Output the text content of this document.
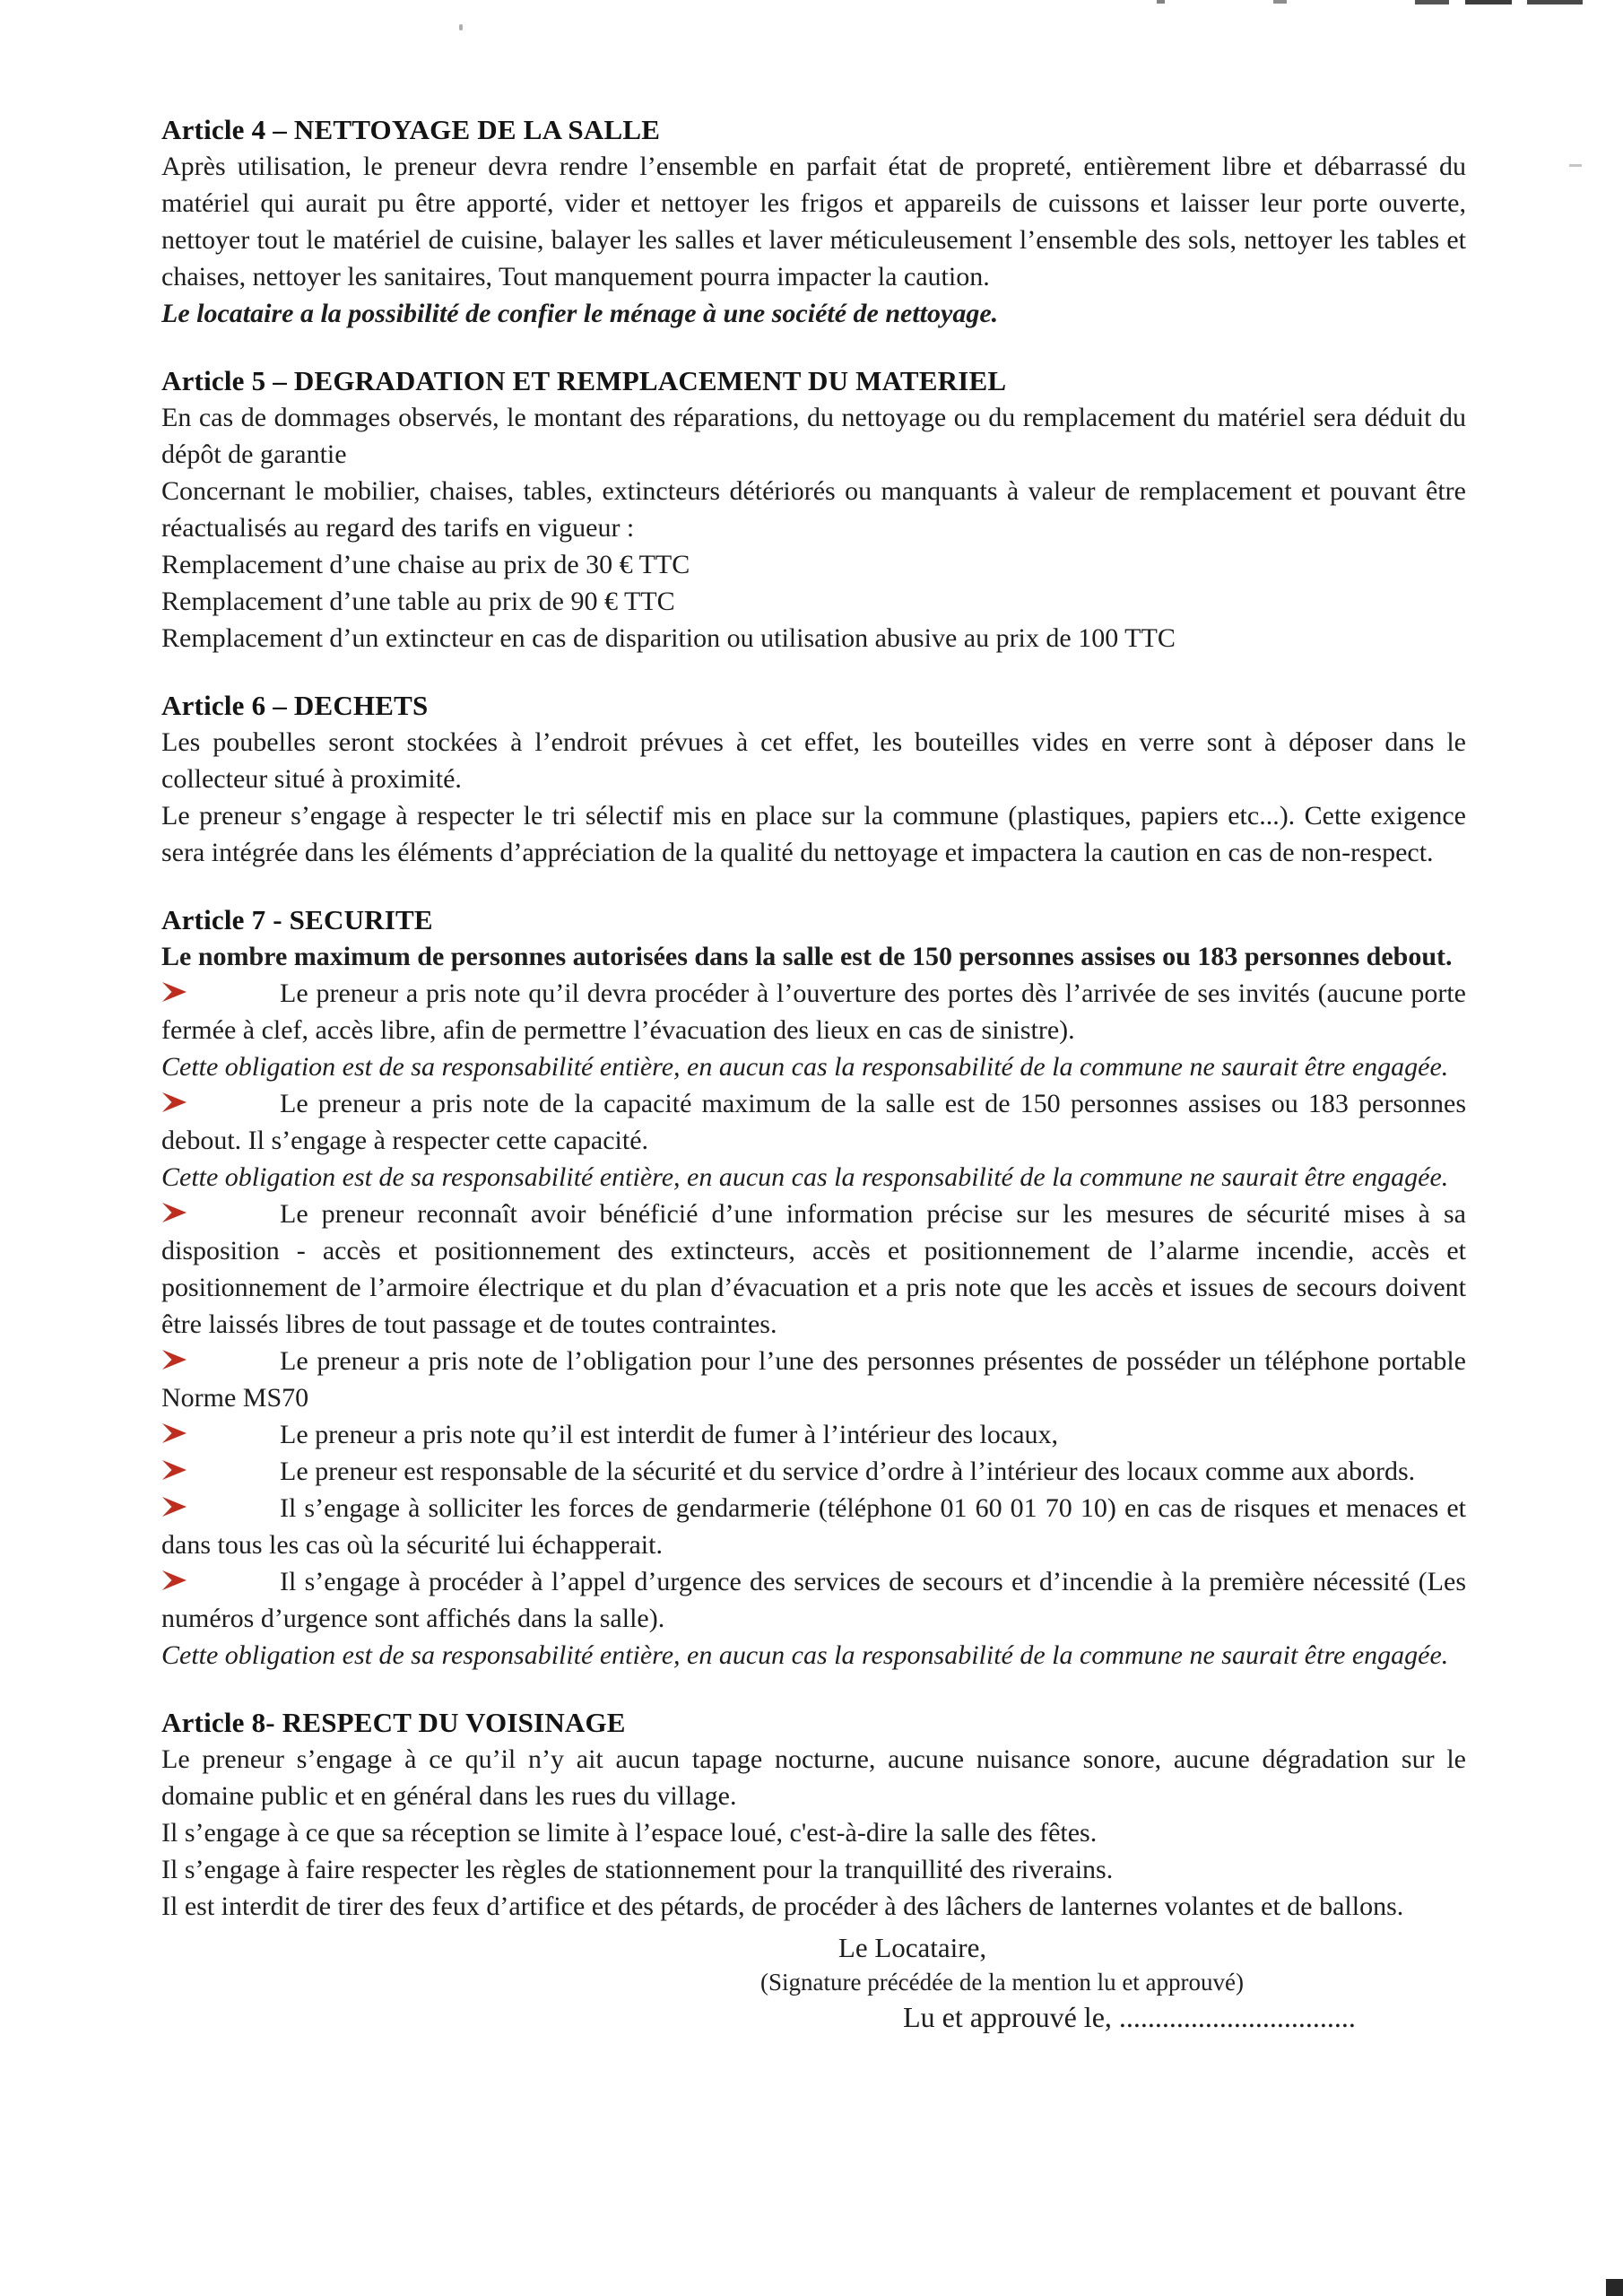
Article 4 – NETTOYAGE DE LA SALLE

Après utilisation, le preneur devra rendre l’ensemble en parfait état de propreté, entièrement libre et débarrassé du matériel qui aurait pu être apporté, vider et nettoyer les frigos et appareils de cuissons et laisser leur porte ouverte, nettoyer tout le matériel de cuisine, balayer les salles et laver méticuleusement l’ensemble des sols, nettoyer les tables et chaises, nettoyer les sanitaires, Tout manquement pourra impacter la caution.

Le locataire a la possibilité de confier le ménage à une société de nettoyage.

Article 5 – DEGRADATION ET REMPLACEMENT DU MATERIEL

En cas de dommages observés, le montant des réparations, du nettoyage ou du remplacement du matériel sera déduit du dépôt de garantie

Concernant le mobilier, chaises, tables, extincteurs détériorés ou manquants à valeur de remplacement et pouvant être réactualisés au regard des tarifs en vigueur :

Remplacement d’une chaise au prix de 30 € TTC

Remplacement d’une table au prix de 90 € TTC

Remplacement d’un extincteur en cas de disparition ou utilisation abusive au prix de 100 TTC

Article 6 – DECHETS

Les poubelles seront stockées à l’endroit prévues à cet effet, les bouteilles vides en verre sont à déposer dans le collecteur situé à proximité.

Le preneur s’engage à respecter le tri sélectif mis en place sur la commune (plastiques, papiers etc...). Cette exigence sera intégrée dans les éléments d’appréciation de la qualité du nettoyage et impactera la caution en cas de non-respect.

Article 7 - SECURITE

Le nombre maximum de personnes autorisées dans la salle est de 150 personnes assises ou 183 personnes debout.

Le preneur a pris note qu’il devra procéder à l’ouverture des portes dès l’arrivée de ses invités (aucune porte fermée à clef, accès libre, afin de permettre l’évacuation des lieux en cas de sinistre).

Cette obligation est de sa responsabilité entière, en aucun cas la responsabilité de la commune ne saurait être engagée.

Le preneur a pris note de la capacité maximum de la salle est de 150 personnes assises ou 183 personnes debout. Il s’engage à respecter cette capacité.

Cette obligation est de sa responsabilité entière, en aucun cas la responsabilité de la commune ne saurait être engagée.

Le preneur reconnaît avoir bénéficié d’une information précise sur les mesures de sécurité mises à sa disposition - accès et positionnement des extincteurs, accès et positionnement de l’alarme incendie, accès et positionnement de l’armoire électrique et du plan d’évacuation et a pris note que les accès et issues de secours doivent être laissés libres de tout passage et de toutes contraintes.

Le preneur a pris note de l’obligation pour l’une des personnes présentes de posséder un téléphone portable Norme MS70

Le preneur a pris note qu’il est interdit de fumer à l’intérieur des locaux,

Le preneur est responsable de la sécurité et du service d’ordre à l’intérieur des locaux comme aux abords.

Il s’engage à solliciter les forces de gendarmerie (téléphone 01 60 01 70 10) en cas de risques et menaces et dans tous les cas où la sécurité lui échapperait.

Il s’engage à procéder à l’appel d’urgence des services de secours et d’incendie à la première nécessité (Les numéros d’urgence sont affichés dans la salle).

Cette obligation est de sa responsabilité entière, en aucun cas la responsabilité de la commune ne saurait être engagée.

Article 8- RESPECT DU VOISINAGE

Le preneur s’engage à ce qu’il n’y ait aucun tapage nocturne, aucune nuisance sonore, aucune dégradation sur le domaine public et en général dans les rues du village.

Il s’engage à ce que sa réception se limite à l’espace loué, c'est-à-dire la salle des fêtes.

Il s’engage à faire respecter les règles de stationnement pour la tranquillité des riverains.

Il est interdit de tirer des feux d’artifice et des pétards, de procéder à des lâchers de lanternes volantes et de ballons.

Le Locataire,

(Signature précédée de la mention lu et approuvé)

Lu et approuvé le, .................................
